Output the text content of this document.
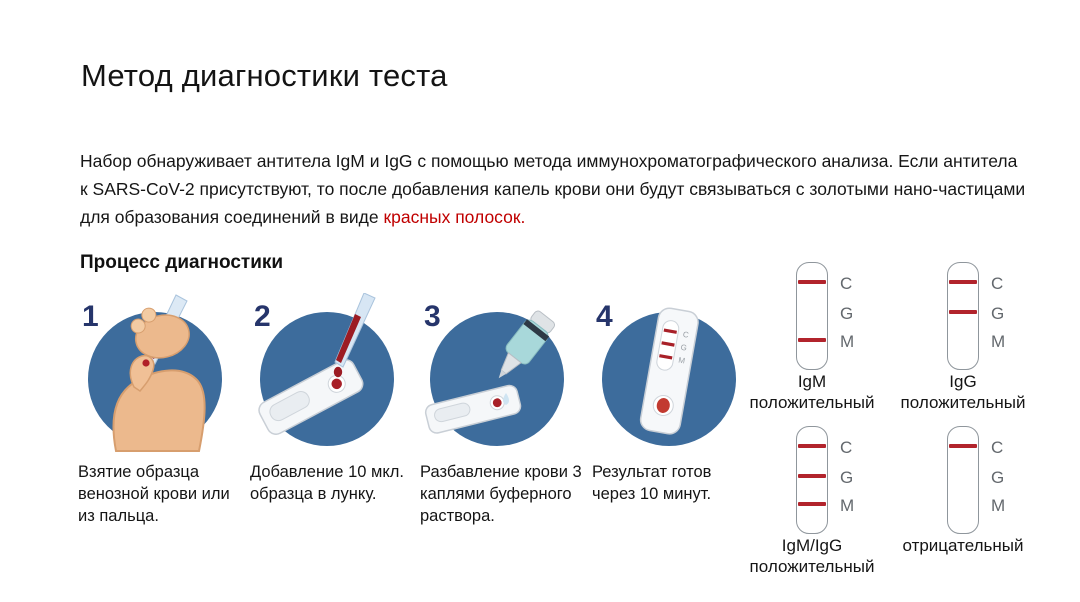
Метод диагностики теста
Набор обнаруживает антитела IgM и IgG с помощью метода иммунохроматографического анализа. Если антитела к SARS-CoV-2 присутствуют, то после добавления капель крови они будут связываться с золотыми нано-частицами для образования соединений в виде красных полосок.
Процесс диагностики
1
Взятие образца венозной крови или из пальца.
2
Добавление 10 мкл. образца в лунку.
3
Разбавление крови 3 каплями буферного раствора.
4
C
G
M
Результат готов через 10 минут.
C
G
M
IgM
положительный
C
G
M
IgG
положительный
C
G
M
IgM/IgG
положительный
C
G
M
отрицательный
